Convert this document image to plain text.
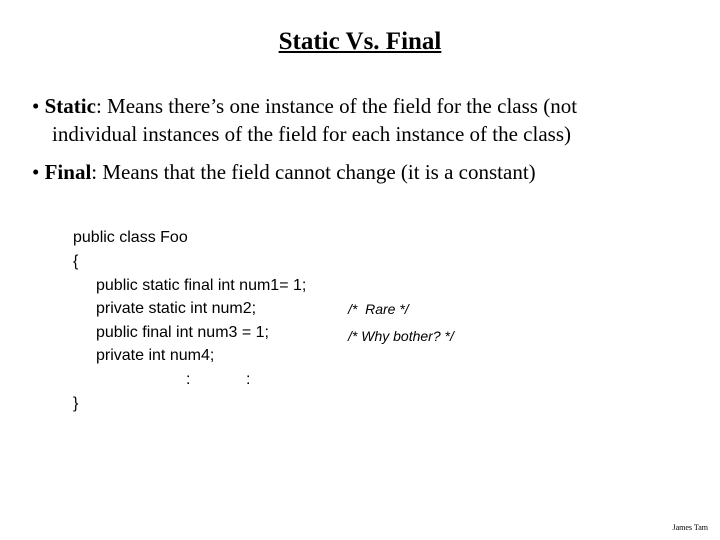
Static Vs. Final
• Static: Means there’s one instance of the field for the class (not
individual instances of the field for each instance of the class)
• Final: Means that the field cannot change (it is a constant)
public class Foo
{
public static final int num1= 1;
private static int num2;
public final int num3 = 1;
private int num4;
:	:
}
/*  Rare */
/* Why bother? */
James Tam
